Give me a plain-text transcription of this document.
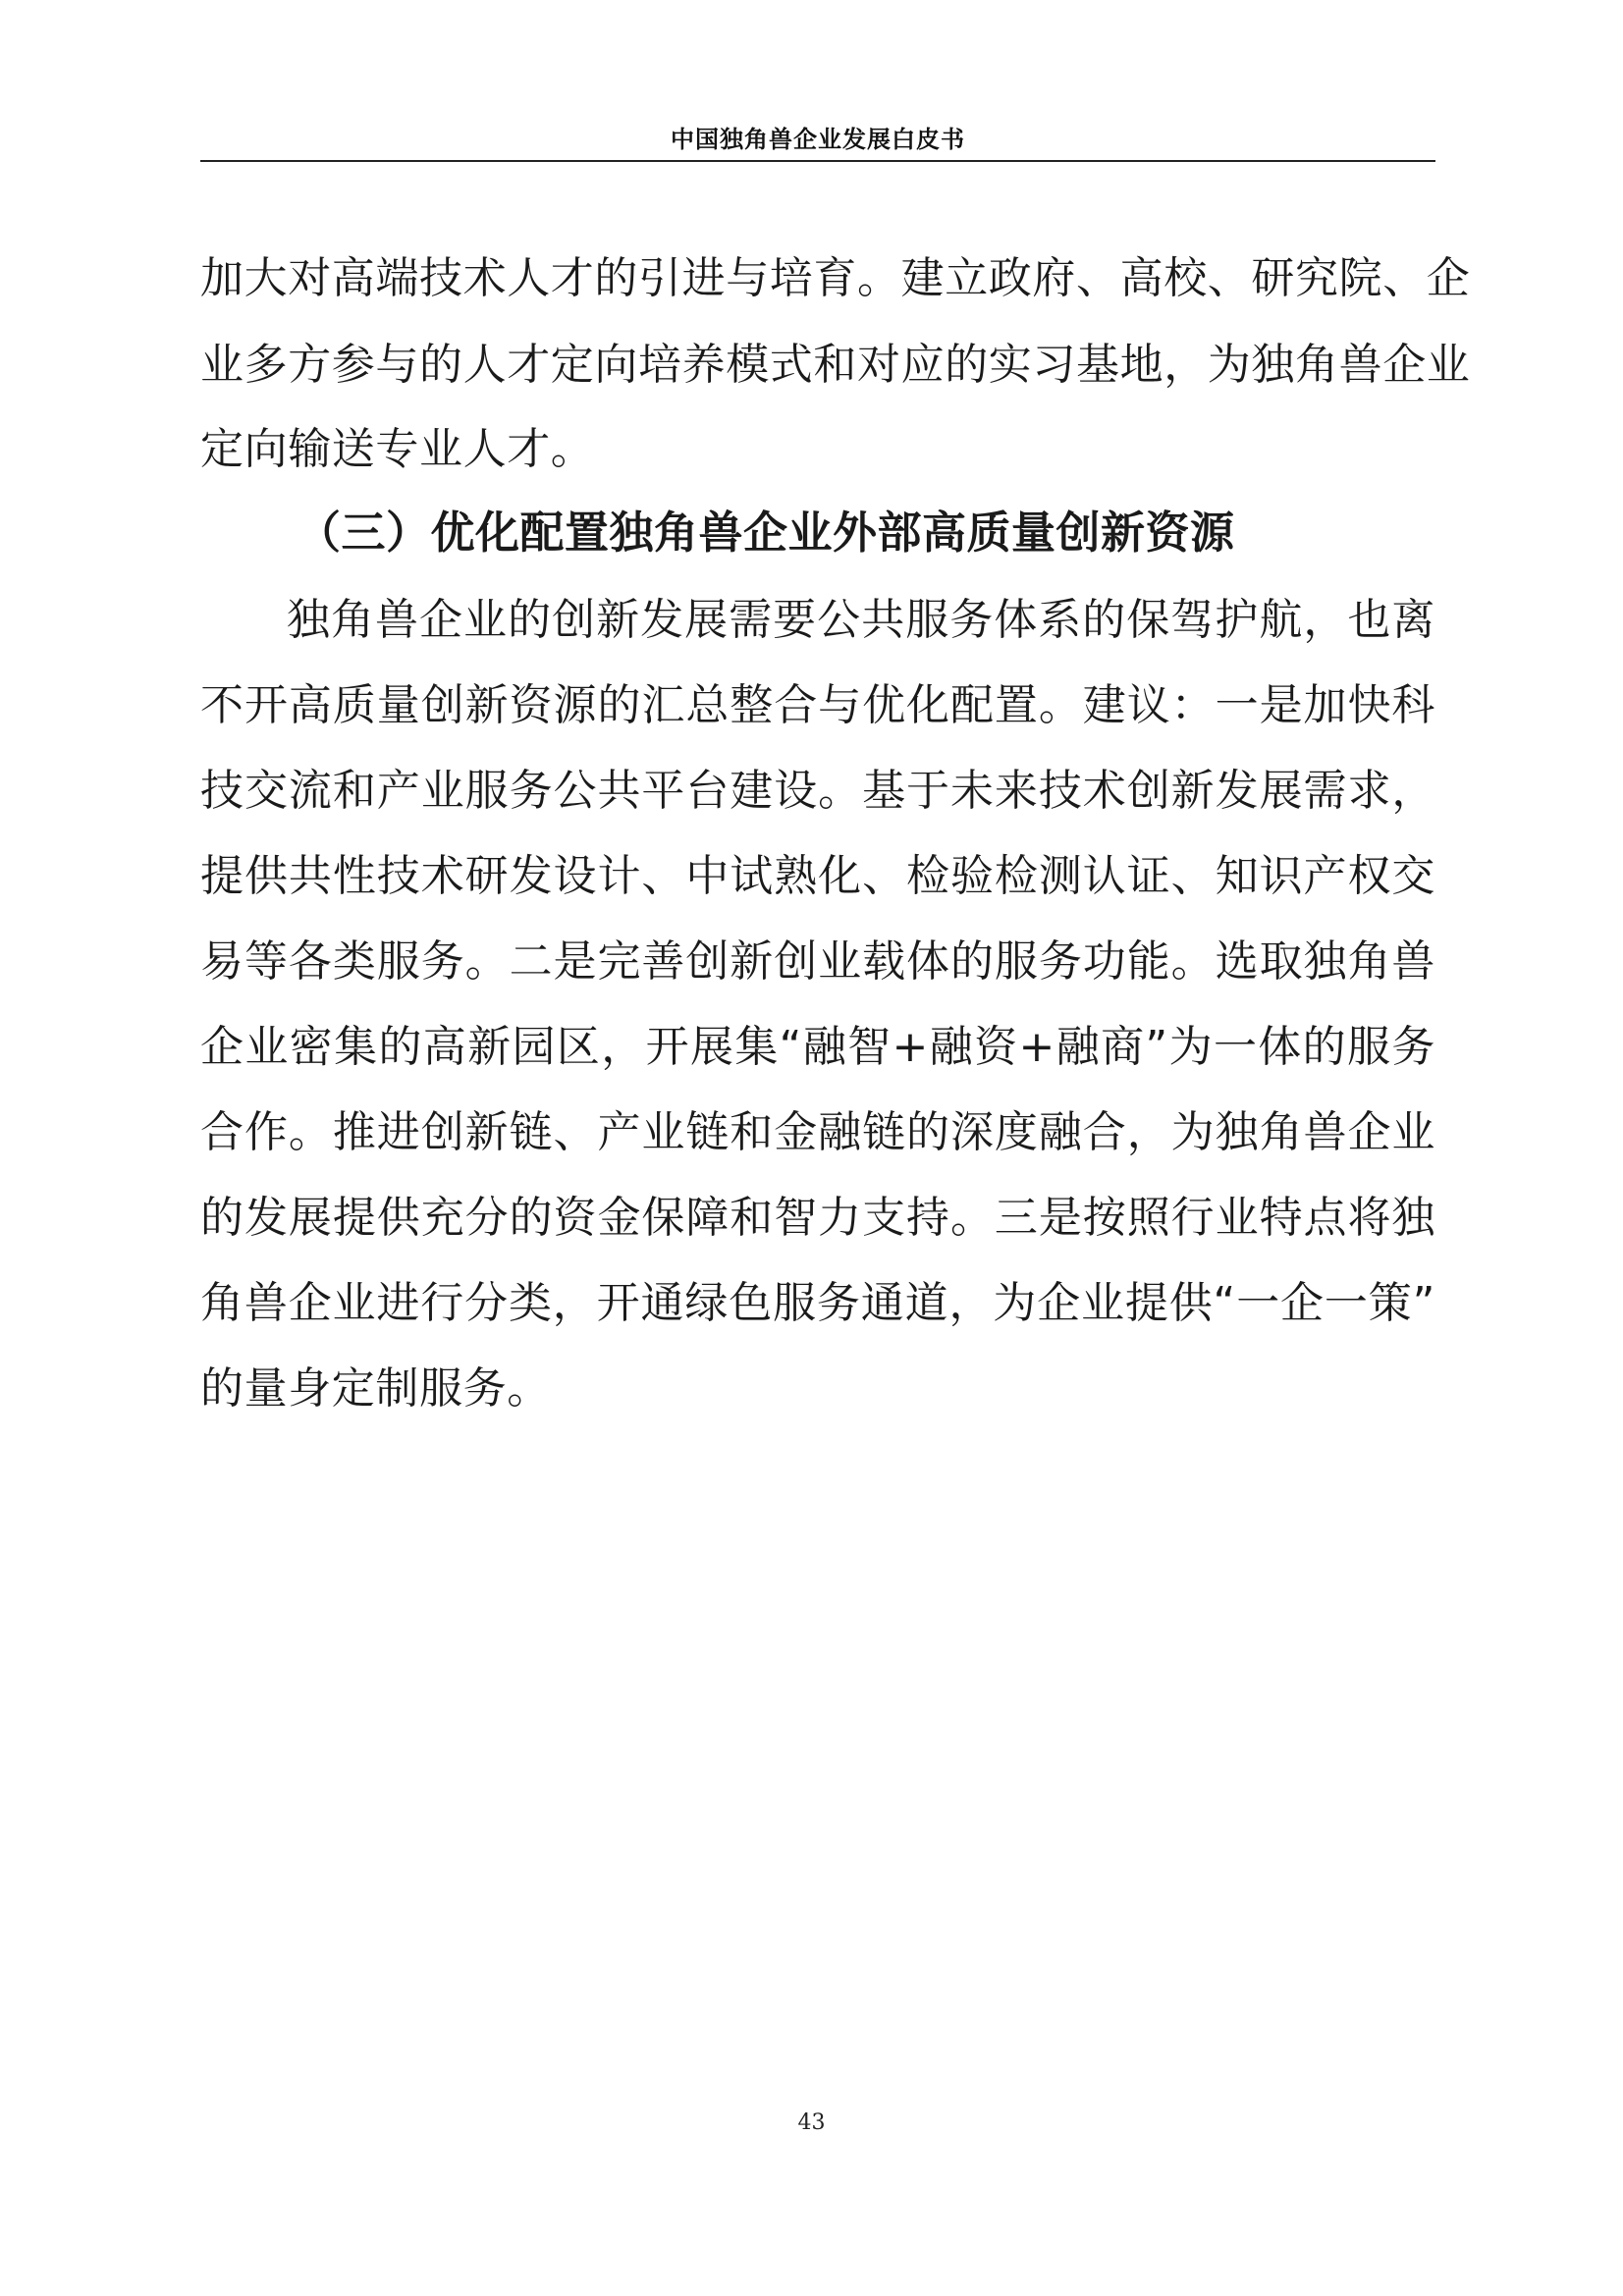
中国独角兽企业发展白皮书
加大对高端技术人才的引进与培育。建立政府、高校、研究院、企
业多方参与的人才定向培养模式和对应的实习基地，为独角兽企业
定向输送专业人才。
（三）优化配置独角兽企业外部高质量创新资源
独角兽企业的创新发展需要公共服务体系的保驾护航，也离
不开高质量创新资源的汇总整合与优化配置。建议：一是加快科
技交流和产业服务公共平台建设。基于未来技术创新发展需求，
提供共性技术研发设计、中试熟化、检验检测认证、知识产权交
易等各类服务。二是完善创新创业载体的服务功能。选取独角兽
企业密集的高新园区，开展集“融智+融资+融商”为一体的服务
合作。推进创新链、产业链和金融链的深度融合，为独角兽企业
的发展提供充分的资金保障和智力支持。三是按照行业特点将独
角兽企业进行分类，开通绿色服务通道，为企业提供“一企一策”
的量身定制服务。
43
